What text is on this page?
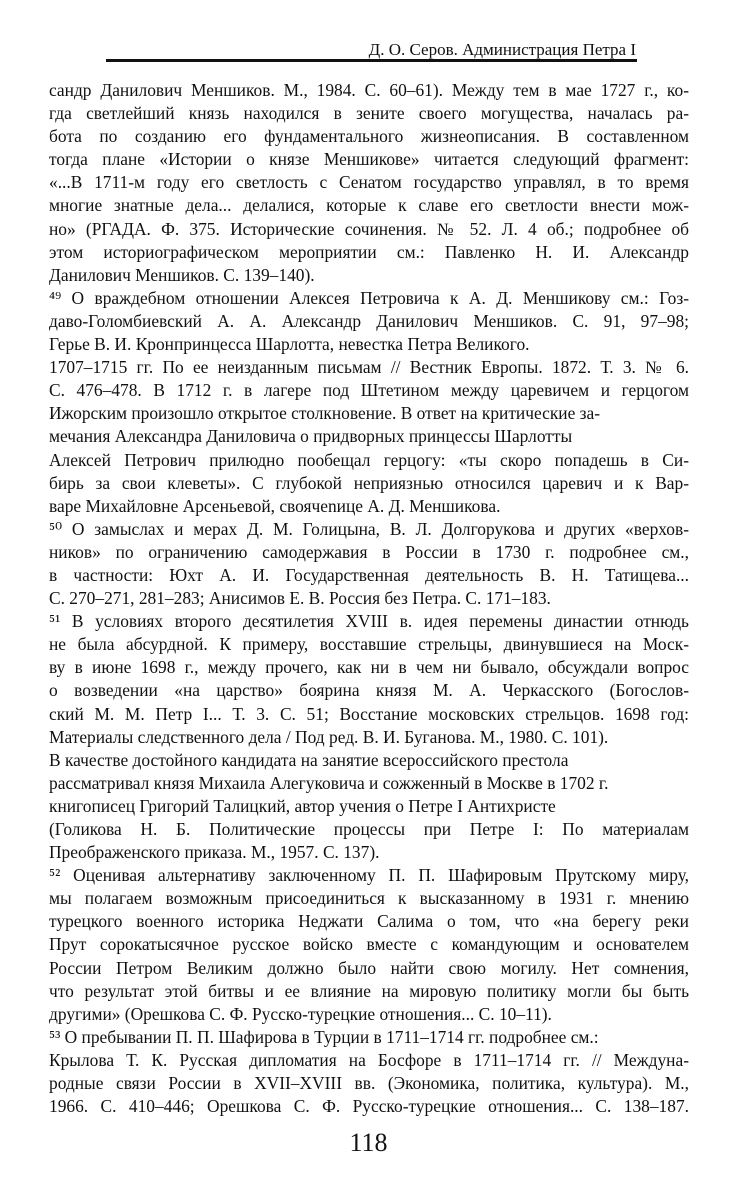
Д. О. Серов. Администрация Петра I
сандр Данилович Меншиков. М., 1984. С. 60–61). Между тем в мае 1727 г., ко-
гда светлейший князь находился в зените своего могущества, началась ра-
бота по созданию его фундаментального жизнеописания. В составленном
тогда плане «Истории о князе Меншикове» читается следующий фрагмент:
«...В 1711-м году его светлость с Сенатом государство управлял, в то время
многие знатные дела... делалися, которые к славе его светлости внести мож-
но» (РГАДА. Ф. 375. Исторические сочинения. № 52. Л. 4 об.; подробнее об
этом историографическом мероприятии см.: Павленко Н. И. Александр
Данилович Меншиков. С. 139–140).
⁴⁹ О враждебном отношении Алексея Петровича к А. Д. Меншикову см.: Гоз-
даво-Голомбиевский А. А. Александр Данилович Меншиков. С. 91, 97–98;
Герье В. И. Кронпринцесса Шарлотта, невестка Петра Великого.
1707–1715 гг. По ее неизданным письмам // Вестник Европы. 1872. Т. 3. № 6.
С. 476–478. В 1712 г. в лагере под Штетином между царевичем и герцогом
Ижорским произошло открытое столкновение. В ответ на критические за-
мечания Александра Даниловича о придворных принцессы Шарлотты
Алексей Петрович прилюдно пообещал герцогу: «ты скоро попадешь в Си-
бирь за свои клеветы». С глубокой неприязнью относился царевич и к Вар-
варе Михайловне Арсеньевой, своячenице А. Д. Меншикова.
⁵⁰ О замыслах и мерах Д. М. Голицына, В. Л. Долгорукова и других «верхов-
ников» по ограничению самодержавия в России в 1730 г. подробнее см.,
в частности: Юхт А. И. Государственная деятельность В. Н. Татищева...
С. 270–271, 281–283; Анисимов Е. В. Россия без Петра. С. 171–183.
⁵¹ В условиях второго десятилетия XVIII в. идея перемены династии отнюдь
не была абсурдной. К примеру, восставшие стрельцы, двинувшиеся на Моск-
ву в июне 1698 г., между прочего, как ни в чем ни бывало, обсуждали вопрос
о возведении «на царство» боярина князя М. А. Черкасского (Богослов-
ский М. М. Петр I... Т. 3. С. 51; Восстание московских стрельцов. 1698 год:
Материалы следственного дела / Под ред. В. И. Буганова. М., 1980. С. 101).
В качестве достойного кандидата на занятие всероссийского престола
рассматривал князя Михаила Алегуковича и сожженный в Москве в 1702 г.
книгописец Григорий Талицкий, автор учения о Петре I Антихристе
(Голикова Н. Б. Политические процессы при Петре I: По материалам
Преображенского приказа. М., 1957. С. 137).
⁵² Оценивая альтернативу заключенному П. П. Шафировым Прутскому миру,
мы полагаем возможным присоединиться к высказанному в 1931 г. мнению
турецкого военного историка Неджати Салима о том, что «на берегу реки
Прут сорокатысячное русское войско вместе с командующим и основателем
России Петром Великим должно было найти свою могилу. Нет сомнения,
что результат этой битвы и ее влияние на мировую политику могли бы быть
другими» (Орешкова С. Ф. Русско-турецкие отношения... С. 10–11).
⁵³ О пребывании П. П. Шафирова в Турции в 1711–1714 гг. подробнее см.:
Крылова Т. К. Русская дипломатия на Босфоре в 1711–1714 гг. // Междуна-
родные связи России в XVII–XVIII вв. (Экономика, политика, культура). М.,
1966. С. 410–446; Орешкова С. Ф. Русско-турецкие отношения... С. 138–187.
118
